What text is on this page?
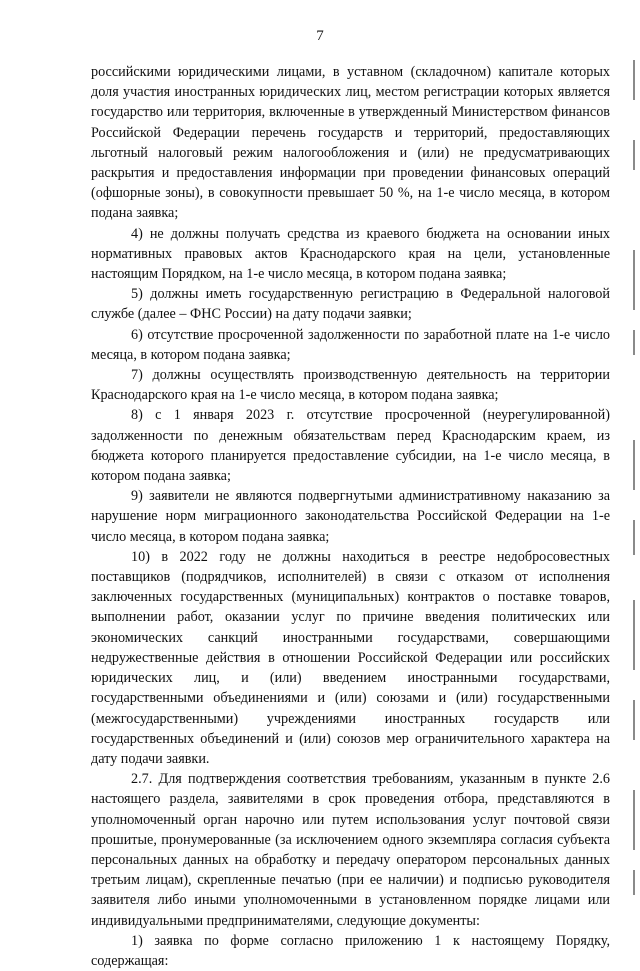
7

российскими юридическими лицами, в уставном (складочном) капитале которых доля участия иностранных юридических лиц, местом регистрации которых является государство или территория, включенные в утвержденный Министерством финансов Российской Федерации перечень государств и территорий, предоставляющих льготный налоговый режим налогообложения и (или) не предусматривающих раскрытия и предоставления информации при проведении финансовых операций (офшорные зоны), в совокупности превышает 50 %, на 1-е число месяца, в котором подана заявка;

4) не должны получать средства из краевого бюджета на основании иных нормативных правовых актов Краснодарского края на цели, установленные настоящим Порядком, на 1-е число месяца, в котором подана заявка;

5) должны иметь государственную регистрацию в Федеральной налоговой службе (далее – ФНС России) на дату подачи заявки;

6) отсутствие просроченной задолженности по заработной плате на 1-е число месяца, в котором подана заявка;

7) должны осуществлять производственную деятельность на территории Краснодарского края на 1-е число месяца, в котором подана заявка;

8) с 1 января 2023 г. отсутствие просроченной (неурегулированной) задолженности по денежным обязательствам перед Краснодарским краем, из бюджета которого планируется предоставление субсидии, на 1-е число месяца, в котором подана заявка;

9) заявители не являются подвергнутыми административному наказанию за нарушение норм миграционного законодательства Российской Федерации на 1-е число месяца, в котором подана заявка;

10) в 2022 году не должны находиться в реестре недобросовестных поставщиков (подрядчиков, исполнителей) в связи с отказом от исполнения заключенных государственных (муниципальных) контрактов о поставке товаров, выполнении работ, оказании услуг по причине введения политических или экономических санкций иностранными государствами, совершающими недружественные действия в отношении Российской Федерации или российских юридических лиц, и (или) введением иностранными государствами, государственными объединениями и (или) союзами и (или) государственными (межгосударственными) учреждениями иностранных государств или государственных объединений и (или) союзов мер ограничительного характера на дату подачи заявки.

2.7. Для подтверждения соответствия требованиям, указанным в пункте 2.6 настоящего раздела, заявителями в срок проведения отбора, представляются в уполномоченный орган нарочно или путем использования услуг почтовой связи прошитые, пронумерованные (за исключением одного экземпляра согласия субъекта персональных данных на обработку и передачу оператором персональных данных третьим лицам), скрепленные печатью (при ее наличии) и подписью руководителя заявителя либо иными уполномоченными в установленном порядке лицами или индивидуальными предпринимателями, следующие документы:

1) заявка по форме согласно приложению 1 к настоящему Порядку, содержащая:
